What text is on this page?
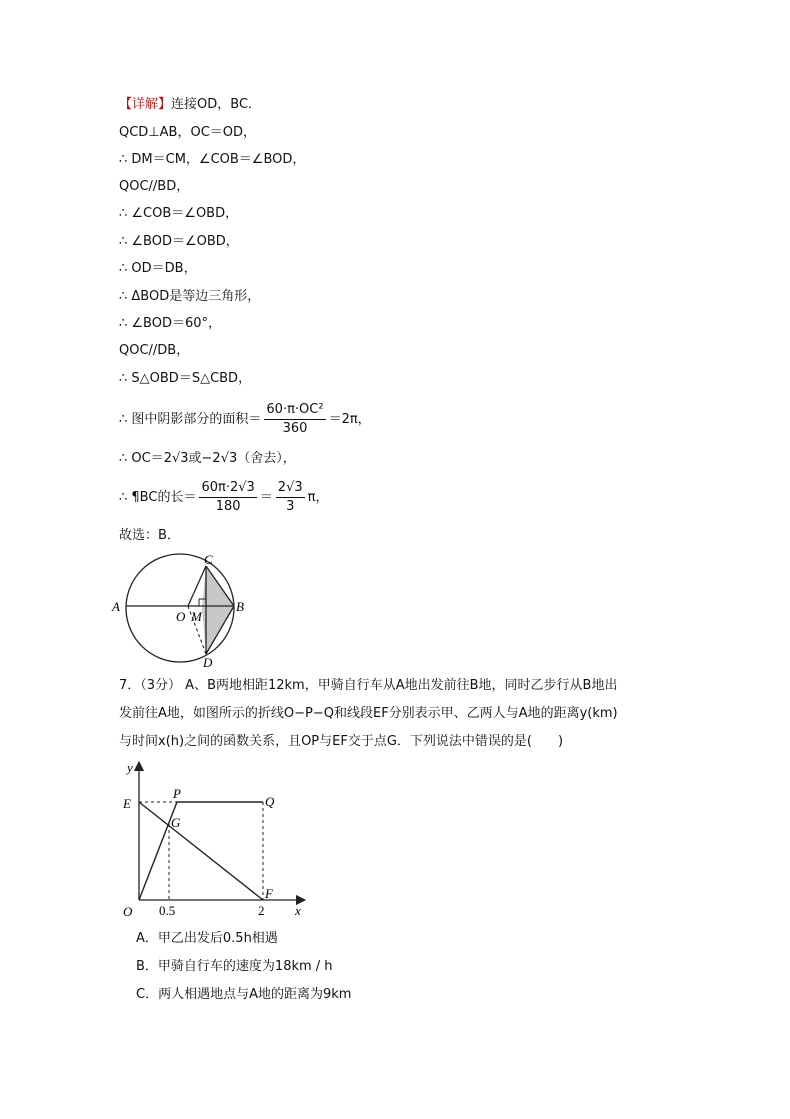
【详解】连接OD，BC．
QCD⊥AB，OC＝OD，
∴ DM＝CM，∠COB＝∠BOD，
QOC//BD，
∴ ∠COB＝∠OBD，
∴ ∠BOD＝∠OBD，
∴ OD＝DB，
∴ ΔBOD是等边三角形，
∴ ∠BOD＝60°，
QOC//DB，
∴ S△OBD＝S△CBD，
∴ 图中阴影部分的面积＝ $\frac{\text{60·π·OC²}}{360} =2\pi$，
∴ OC＝2√3或−2√3（舍去），
∴ ¶BC的长＝ $\frac{60\pi\cdot 2√3}{180} = \frac{2√3}{3}$ π，
故选：B．
C
A
O M
B
D
7．（3分） A、B两地相距12km，甲骑自行车从A地出发前往B地，同时乙步行从B地出
发前往A地，如图所示的折线O−P−Q和线段EF分别表示甲、乙两人与A地的距离y(km)
与时间x(h)之间的函数关系，且OP与EF交于点G．下列说法中错误的是(　　)
y
E
P
Q
G
O 0.5	2
F
x
A．甲乙出发后0.5h相遇
B．甲骑自行车的速度为18km / h
C．两人相遇地点与A地的距离为9km
